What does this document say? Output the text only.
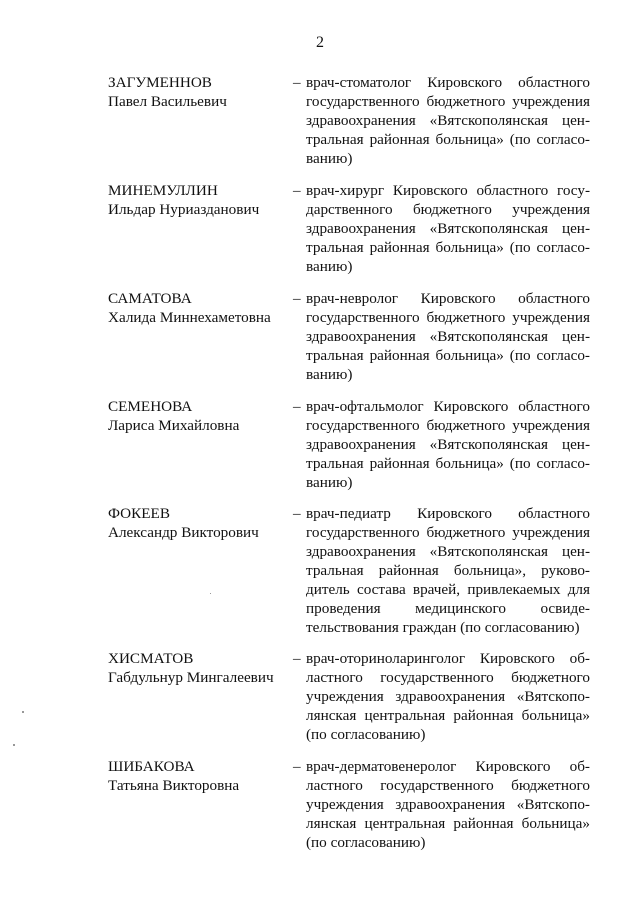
2
ЗАГУМЕННОВ
Павел Васильевич
– врач-стоматолог Кировского областного
государственного бюджетного учреждения
здравоохранения «Вятскополянская цен-
тральная районная больница» (по согласо-
ванию)
МИНЕМУЛЛИН
Ильдар Нуриазданович
– врач-хирург Кировского областного госу-
дарственного бюджетного учреждения
здравоохранения «Вятскополянская цен-
тральная районная больница» (по согласо-
ванию)
САМАТОВА
Халида Миннехаметовна
– врач-невролог Кировского областного
государственного бюджетного учреждения
здравоохранения «Вятскополянская цен-
тральная районная больница» (по согласо-
ванию)
СЕМЕНОВА
Лариса Михайловна
– врач-офтальмолог Кировского областного
государственного бюджетного учреждения
здравоохранения «Вятскополянская цен-
тральная районная больница» (по согласо-
ванию)
ФОКЕЕВ
Александр Викторович
– врач-педиатр Кировского областного
государственного бюджетного учреждения
здравоохранения «Вятскополянская цен-
тральная районная больница», руково-
дитель состава врачей, привлекаемых для
проведения медицинского освиде-
тельствования граждан (по согласованию)
ХИСМАТОВ
Габдульнур Мингалеевич
– врач-оториноларинголог Кировского об-
ластного государственного бюджетного
учреждения здравоохранения «Вятскопо-
лянская центральная районная больница»
(по согласованию)
ШИБАКОВА
Татьяна Викторовна
– врач-дерматовенеролог Кировского об-
ластного государственного бюджетного
учреждения здравоохранения «Вятскопо-
лянская центральная районная больница»
(по согласованию)
